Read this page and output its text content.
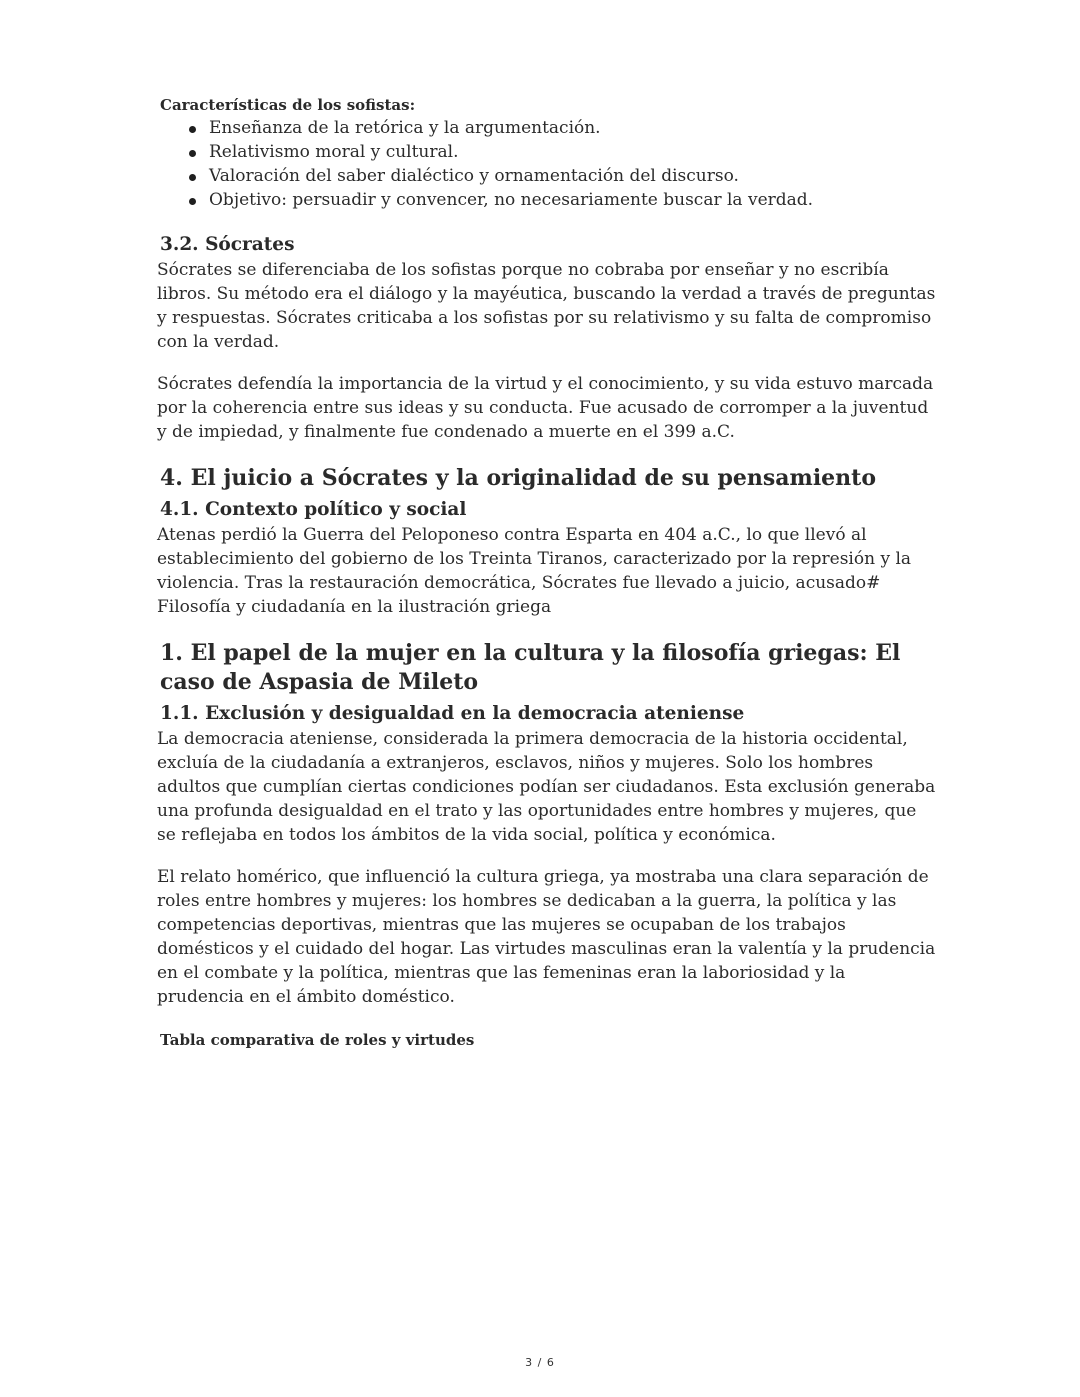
Características de los sofistas:
Enseñanza de la retórica y la argumentación.
Relativismo moral y cultural.
Valoración del saber dialéctico y ornamentación del discurso.
Objetivo: persuadir y convencer, no necesariamente buscar la verdad.
3.2. Sócrates

Sócrates se diferenciaba de los sofistas porque no cobraba por enseñar y no escribía libros. Su método era el diálogo y la mayéutica, buscando la verdad a través de preguntas y respuestas. Sócrates criticaba a los sofistas por su relativismo y su falta de compromiso con la verdad.

Sócrates defendía la importancia de la virtud y el conocimiento, y su vida estuvo marcada por la coherencia entre sus ideas y su conducta. Fue acusado de corromper a la juventud y de impiedad, y finalmente fue condenado a muerte en el 399 a.C.

4. El juicio a Sócrates y la originalidad de su pensamiento
4.1. Contexto político y social

Atenas perdió la Guerra del Peloponeso contra Esparta en 404 a.C., lo que llevó al establecimiento del gobierno de los Treinta Tiranos, caracterizado por la represión y la violencia. Tras la restauración democrática, Sócrates fue llevado a juicio, acusado#
Filosofía y ciudadanía en la ilustración griega

1. El papel de la mujer en la cultura y la filosofía griegas: El caso de Aspasia de Mileto
1.1. Exclusión y desigualdad en la democracia ateniense

La democracia ateniense, considerada la primera democracia de la historia occidental, excluía de la ciudadanía a extranjeros, esclavos, niños y mujeres. Solo los hombres adultos que cumplían ciertas condiciones podían ser ciudadanos. Esta exclusión generaba una profunda desigualdad en el trato y las oportunidades entre hombres y mujeres, que se reflejaba en todos los ámbitos de la vida social, política y económica.

El relato homérico, que influenció la cultura griega, ya mostraba una clara separación de roles entre hombres y mujeres: los hombres se dedicaban a la guerra, la política y las competencias deportivas, mientras que las mujeres se ocupaban de los trabajos domésticos y el cuidado del hogar. Las virtudes masculinas eran la valentía y la prudencia en el combate y la política, mientras que las femeninas eran la laboriosidad y la prudencia en el ámbito doméstico.

Tabla comparativa de roles y virtudes
3 / 6
